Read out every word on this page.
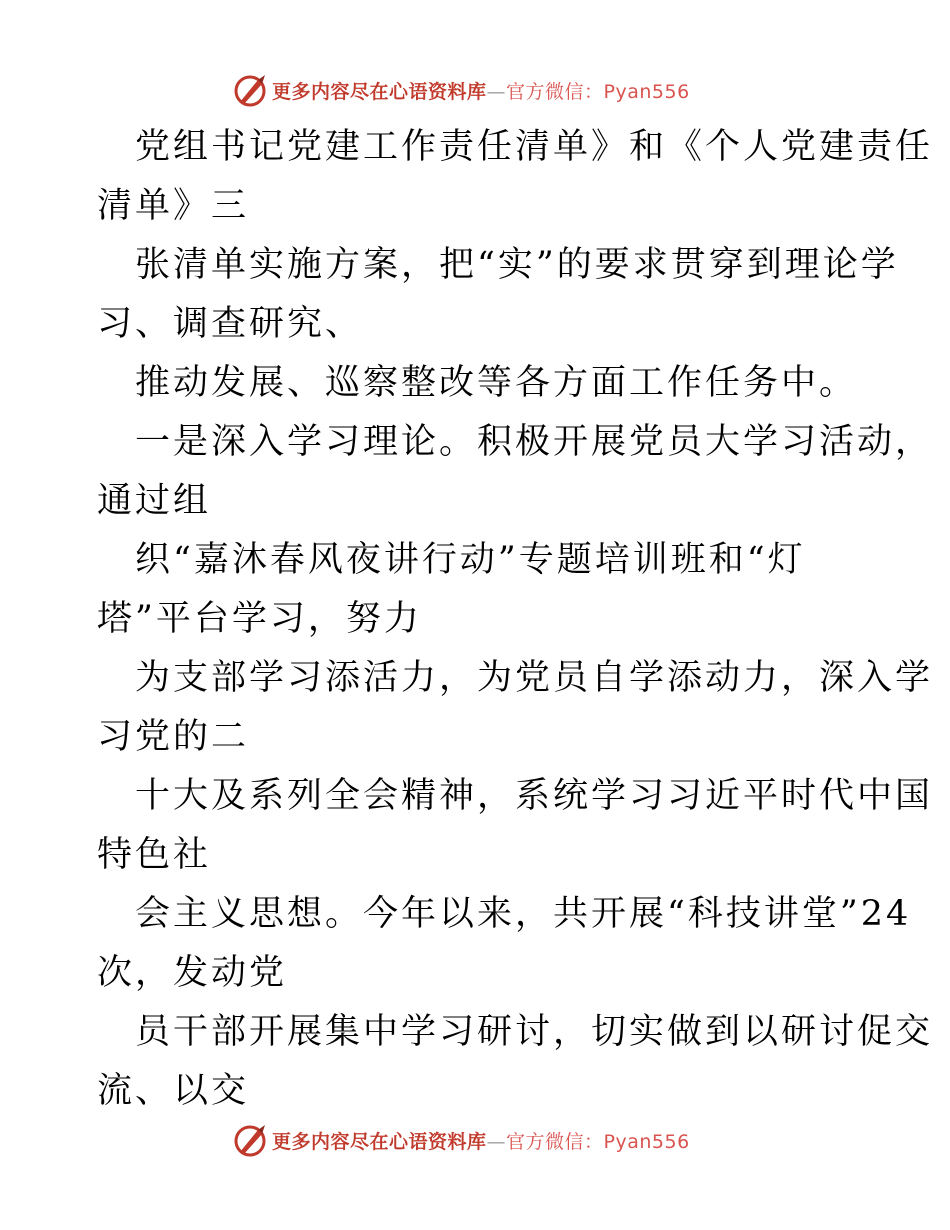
更多内容尽在心语资料库—官方微信：Pyan556
党组书记党建工作责任清单》和《个人党建责任
清单》三
张清单实施方案，把“实”的要求贯穿到理论学
习、调查研究、
推动发展、巡察整改等各方面工作任务中。
一是深入学习理论。积极开展党员大学习活动，
通过组
织“嘉沐春风夜讲行动”专题培训班和“灯
塔”平台学习，努力
为支部学习添活力，为党员自学添动力，深入学
习党的二
十大及系列全会精神，系统学习习近平时代中国
特色社
会主义思想。今年以来，共开展“科技讲堂”24
次，发动党
员干部开展集中学习研讨，切实做到以研讨促交
流、以交
更多内容尽在心语资料库—官方微信：Pyan556
